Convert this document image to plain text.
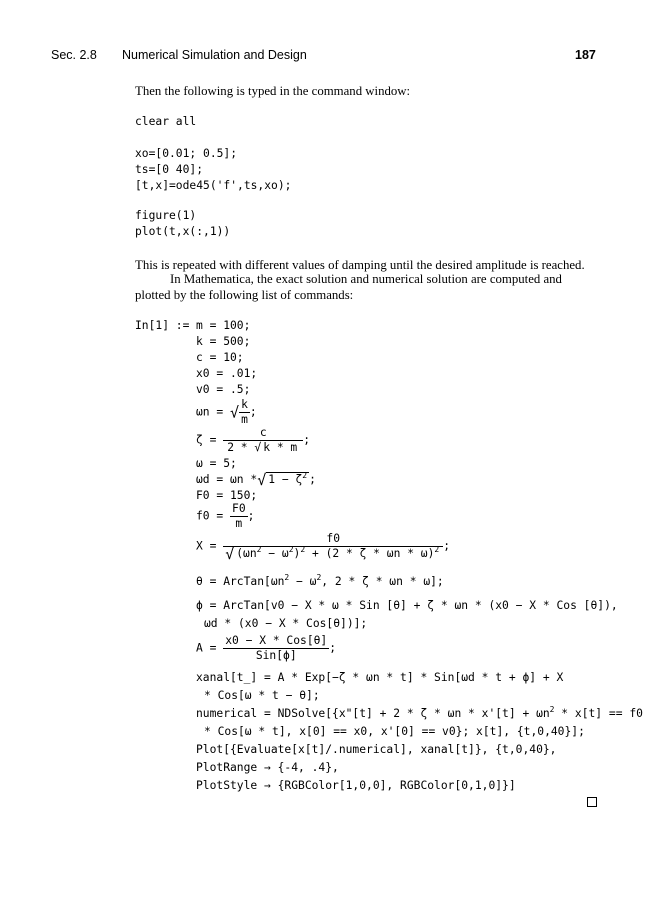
Sec. 2.8 Numerical Simulation and Design	187
Then the following is typed in the command window:
clear all
xo=[0.01; 0.5];
ts=[0 40];
[t,x]=ode45('f',ts,xo);
figure(1)
plot(t,x(:,1))
This is repeated with different values of damping until the desired amplitude is reached.
In Mathematica, the exact solution and numerical solution are computed and
plotted by the following list of commands:
In[1] := m = 100;
k = 500;
c = 10;
x0 = .01;
v0 = .5;
ωn = √ $\frac{k}{m}$ ;
$\zeta = \frac{c}{2 * √ k * m}$ ;
ω = 5;
ωd = ωn *√ $1 - \zeta^2$ ;
F0 = 150;
$f0 = \frac{F0}{m}$ ;
$X = \frac{f0}{√ (\omega n^2 - \omega^2)^2 + (2 * \zeta * \omega n * \omega)^2}$ ;
$\theta = ArcTan[\omega n^2 - \omega^2$, 2 * ζ * ωn * ω];
ϕ = ArcTan[v0 − X * ω * Sin [θ] + ζ * ωn * (x0 − X * Cos [θ]),
ωd * (x0 − X * Cos[θ])];
$A = \frac{\text{x0 − X * Cos[θ]}}{\text{Sin[ϕ]}}$ ;
xanal[t_] = A * Exp[−ζ * ωn * t] * Sin[ωd * t + ϕ] + X
* Cos[ω * t − θ];
numerical = NDSolve[{x"[t] + $2 * \zeta * \omega n * x'[t] + \omega n^2 * x[t] == f0$
* Cos[ω * t], x[0] == x0, x'[0] == v0}; x[t], {t,0,40}];
Plot[{Evaluate[x[t]/.numerical], xanal[t]}, {t,0,40},
PlotRange → {-4, .4},
PlotStyle → {RGBColor[1,0,0], RGBColor[0,1,0]}]
